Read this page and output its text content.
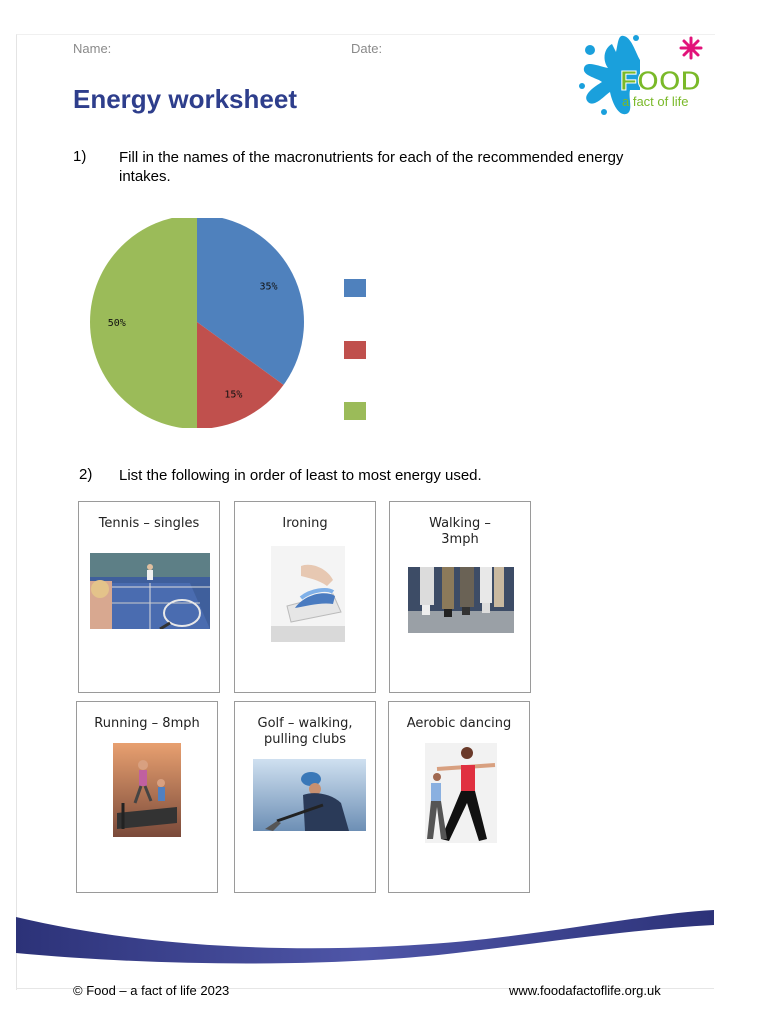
Name:	Date:
Energy worksheet
FOOD
a fact of life
1) Fill in the names of the macronutrients for each of the recommended energy
intakes.
35%
15%
50%
2) List the following in order of least to most energy used.
Tennis – singles	Ironing	Walking –
3mph
Running – 8mph	Golf – walking,
pulling clubs
Aerobic dancing
© Food – a fact of life 2023	www.foodafactoflife.org.uk
